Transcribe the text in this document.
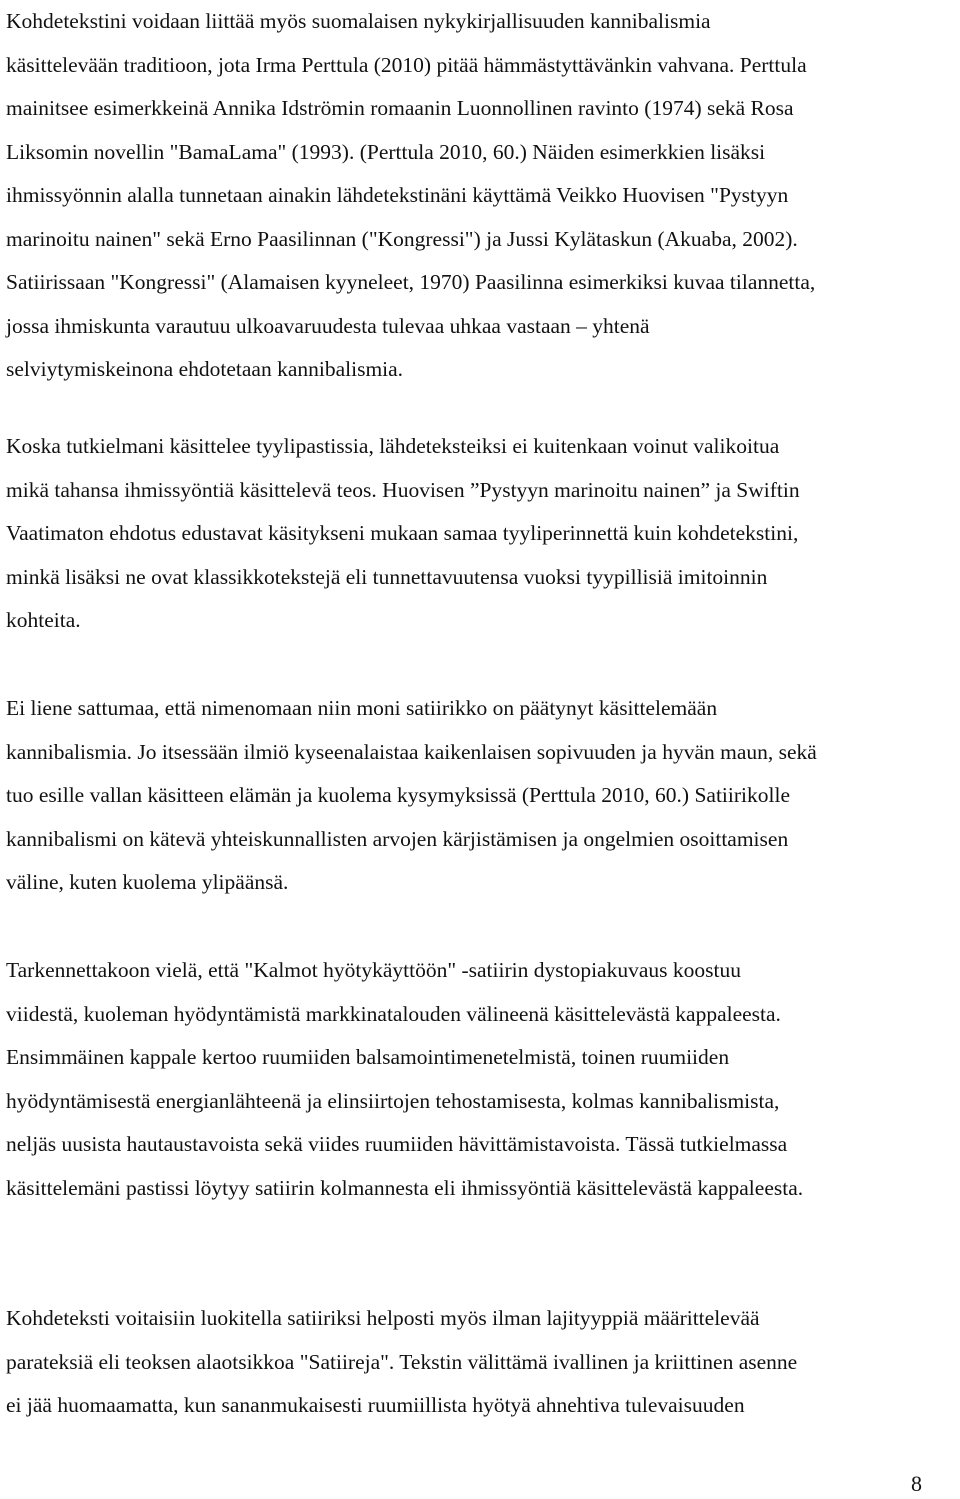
Kohdetekstini voidaan liittää myös suomalaisen nykykirjallisuuden kannibalismia
käsittelevään traditioon, jota Irma Perttula (2010) pitää hämmästyttävänkin vahvana. Perttula
mainitsee esimerkkeinä Annika Idströmin romaanin Luonnollinen ravinto (1974) sekä Rosa
Liksomin novellin "BamaLama" (1993). (Perttula 2010, 60.) Näiden esimerkkien lisäksi
ihmissyönnin alalla tunnetaan ainakin lähdetekstinäni käyttämä Veikko Huovisen "Pystyyn
marinoitu nainen" sekä Erno Paasilinnan ("Kongressi") ja Jussi Kylätaskun (Akuaba, 2002).
Satiirissaan "Kongressi" (Alamaisen kyyneleet, 1970) Paasilinna esimerkiksi kuvaa tilannetta,
jossa ihmiskunta varautuu ulkoavaruudesta tulevaa uhkaa vastaan – yhtenä
selviytymiskeinona ehdotetaan kannibalismia.
Koska tutkielmani käsittelee tyylipastissia, lähdeteksteiksi ei kuitenkaan voinut valikoitua
mikä tahansa ihmissyöntiä käsittelevä teos. Huovisen ”Pystyyn marinoitu nainen” ja Swiftin
Vaatimaton ehdotus edustavat käsitykseni mukaan samaa tyyliperinnettä kuin kohdetekstini,
minkä lisäksi ne ovat klassikkotekstejä eli tunnettavuutensa vuoksi tyypillisiä imitoinnin
kohteita.
Ei liene sattumaa, että nimenomaan niin moni satiirikko on päätynyt käsittelemään
kannibalismia. Jo itsessään ilmiö kyseenalaistaa kaikenlaisen sopivuuden ja hyvän maun, sekä
tuo esille vallan käsitteen elämän ja kuolema kysymyksissä (Perttula 2010, 60.) Satiirikolle
kannibalismi on kätevä yhteiskunnallisten arvojen kärjistämisen ja ongelmien osoittamisen
väline, kuten kuolema ylipäänsä.
Tarkennettakoon vielä, että "Kalmot hyötykäyttöön" -satiirin dystopiakuvaus koostuu
viidestä, kuoleman hyödyntämistä markkinatalouden välineenä käsittelevästä kappaleesta.
Ensimmäinen kappale kertoo ruumiiden balsamointimenetelmistä, toinen ruumiiden
hyödyntämisestä energianlähteenä ja elinsiirtojen tehostamisesta, kolmas kannibalismista,
neljäs uusista hautaustavoista sekä viides ruumiiden hävittämistavoista. Tässä tutkielmassa
käsittelemäni pastissi löytyy satiirin kolmannesta eli ihmissyöntiä käsittelevästä kappaleesta.
Kohdeteksti voitaisiin luokitella satiiriksi helposti myös ilman lajityyppiä määrittelevää
parateksiä eli teoksen alaotsikkoa "Satiireja". Tekstin välittämä ivallinen ja kriittinen asenne
ei jää huomaamatta, kun sananmukaisesti ruumiillista hyötyä ahnehtiva tulevaisuuden
8
